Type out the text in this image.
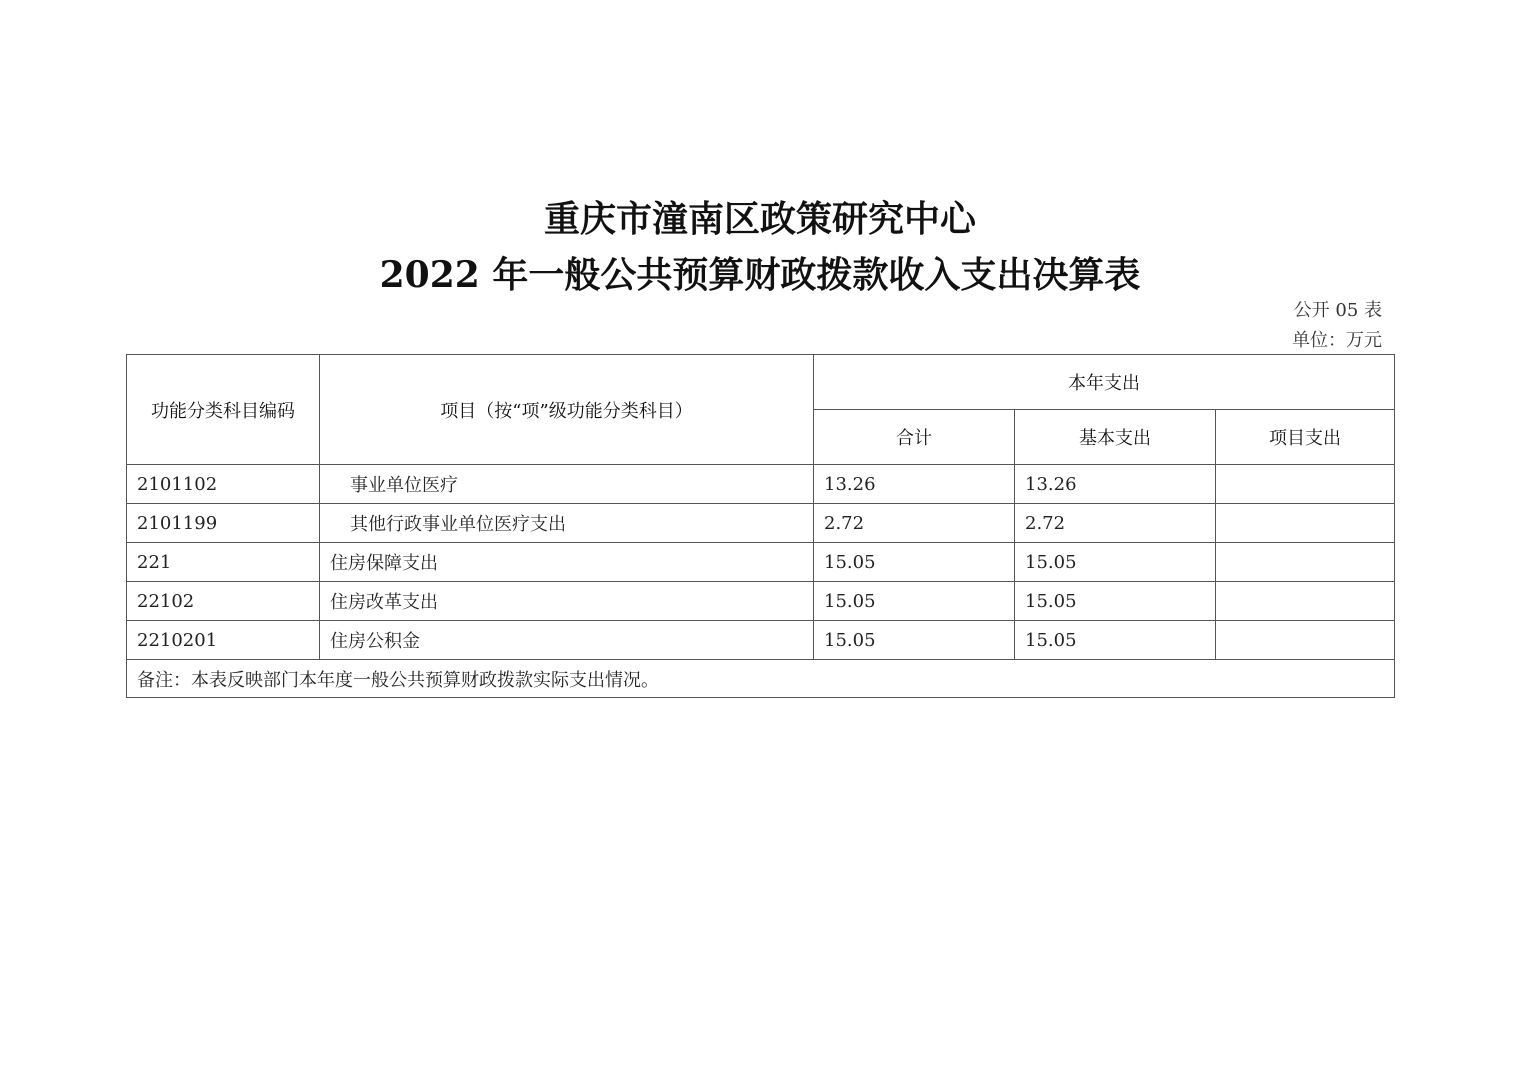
重庆市潼南区政策研究中心
2022 年一般公共预算财政拨款收入支出决算表
公开 05 表
单位：万元
功能分类科目编码	项目（按“项”级功能分类科目）	本年支出		
		合计	基本支出	项目支出
2101102	事业单位医疗	13.26	13.26	
2101199	其他行政事业单位医疗支出	2.72	2.72	
221	住房保障支出	15.05	15.05	
22102	住房改革支出	15.05	15.05	
2210201	住房公积金	15.05	15.05	
备注：本表反映部门本年度一般公共预算财政拨款实际支出情况。				
